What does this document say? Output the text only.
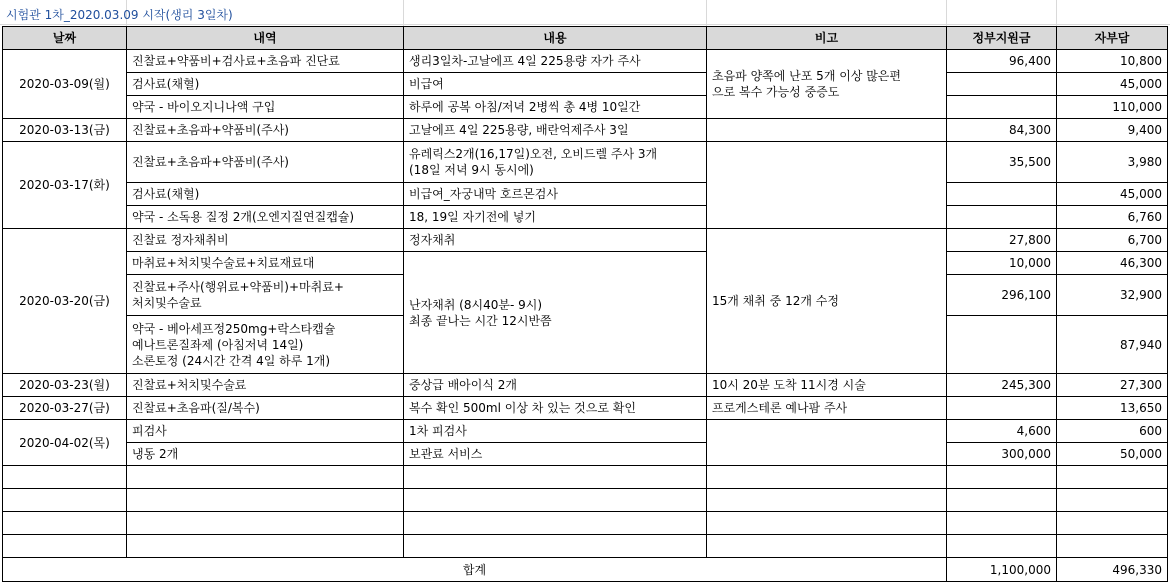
시험관 1차_2020.03.09 시작(생리 3일차)
날짜	내역	내용	비고	정부지원금	자부담
2020-03-09(월)	진찰료+약품비+검사료+초음파 진단료	생리3일차-고날에프 4일 225용량 자가 주사	초음파 양쪽에 난포 5개 이상 많은편
으로 복수 가능성 중증도	96,400	10,800
	검사료(채혈)	비급여			45,000
	약국 - 바이오지니나액 구입	하루에 공복 아침/저녁 2병씩 총 4병 10일간			110,000
2020-03-13(금)	진찰료+초음파+약품비(주사)	고날에프 4일 225용량, 배란억제주사 3일		84,300	9,400
2020-03-17(화)	진찰료+초음파+약품비(주사)	유레릭스2개(16,17일)오전, 오비드렐 주사 3개
(18일 저녁 9시 동시에)		35,500	3,980
	검사료(채혈)	비급여_자궁내막 호르몬검사			45,000
	약국 - 소독용 질정 2개(오엔지질연질캡슐)	18, 19일 자기전에 넣기			6,760
2020-03-20(금)	진찰료 정자채취비	정자채취	15개 채취 중 12개 수정	27,800	6,700
	마취료+처치및수술료+치료재료대	난자채취 (8시40분- 9시)
최종 끝나는 시간 12시반쯤		10,000	46,300

	진찰료+주사(행위료+약품비)+마취료+
처치및수술료			296,100	32,900

	약국 - 베아세프정250mg+락스타캡슐
예나트론질좌제 (아침저녁 14일)
소론토정 (24시간 간격 4일 하루 1개)				87,940
2020-03-23(월)	진찰료+처치및수술료	중상급 배아이식 2개	10시 20분 도착 11시경 시술	245,300	27,300
2020-03-27(금)	진찰료+초음파(질/복수)	복수 확인 500ml 이상 차 있는 것으로 확인	프로게스테론 예나팜 주사		13,650
2020-04-02(목)	피검사	1차 피검사		4,600	600
	냉동 2개	보관료 서비스		300,000	50,000

합계				1,100,000	496,330
